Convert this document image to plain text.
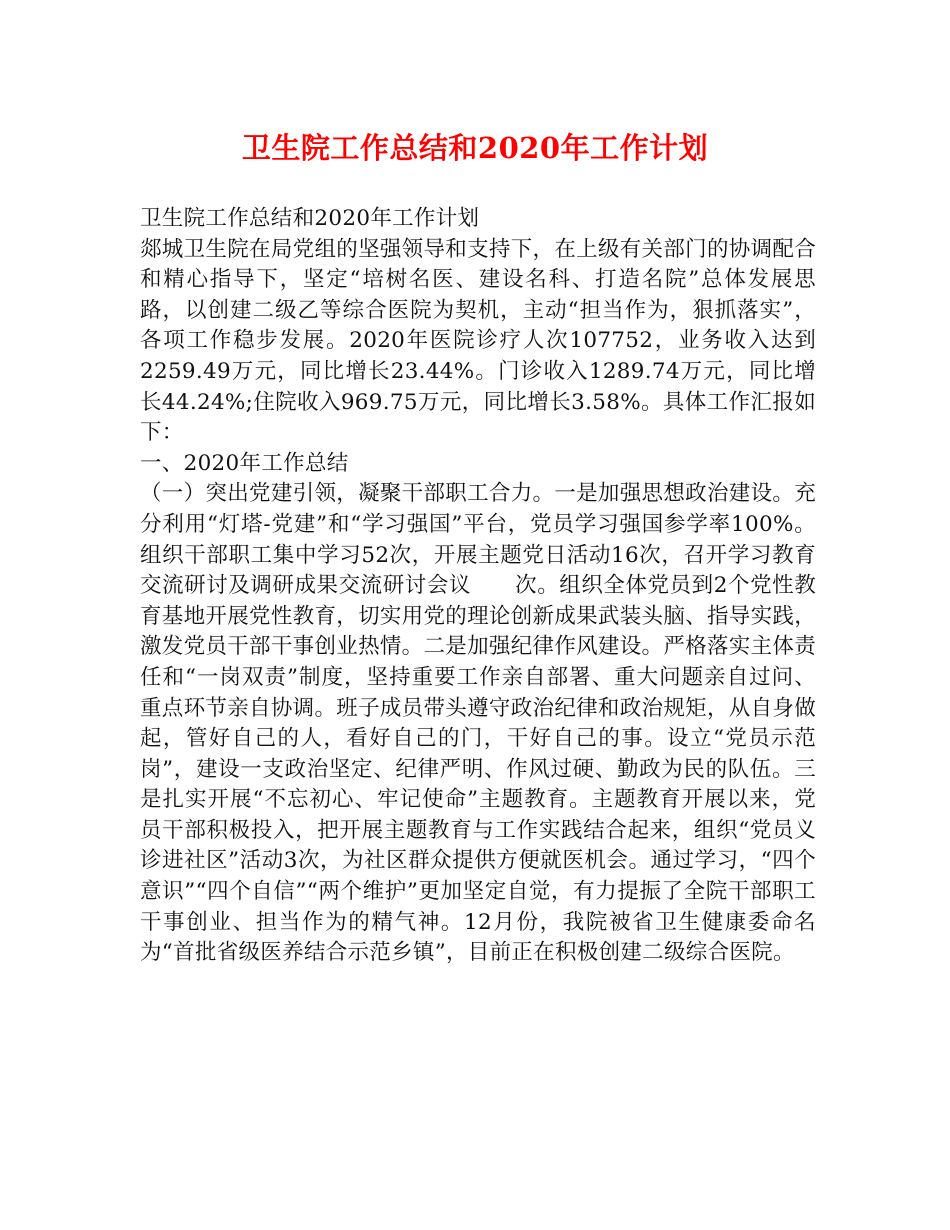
卫生院工作总结和2020年工作计划

卫生院工作总结和2020年工作计划

郯城卫生院在局党组的坚强领导和支持下，在上级有关部门的协调配合和精心指导下，坚定“培树名医、建设名科、打造名院”总体发展思路，以创建二级乙等综合医院为契机，主动“担当作为，狠抓落实”，各项工作稳步发展。2020年医院诊疗人次107752，业务收入达到2259.49万元，同比增长23.44%。门诊收入1289.74万元，同比增长44.24%;住院收入969.75万元，同比增长3.58%。具体工作汇报如下：

一、2020年工作总结

（一）突出党建引领，凝聚干部职工合力。一是加强思想政治建设。充分利用“灯塔-党建”和“学习强国”平台，党员学习强国参学率100%。组织干部职工集中学习52次，开展主题党日活动16次，召开学习教育交流研讨及调研成果交流研讨会议　　次。组织全体党员到2个党性教育基地开展党性教育，切实用党的理论创新成果武装头脑、指导实践，激发党员干部干事创业热情。二是加强纪律作风建设。严格落实主体责任和“一岗双责”制度，坚持重要工作亲自部署、重大问题亲自过问、重点环节亲自协调。班子成员带头遵守政治纪律和政治规矩，从自身做起，管好自己的人，看好自己的门，干好自己的事。设立“党员示范岗”，建设一支政治坚定、纪律严明、作风过硬、勤政为民的队伍。三是扎实开展“不忘初心、牢记使命”主题教育。主题教育开展以来，党员干部积极投入，把开展主题教育与工作实践结合起来，组织“党员义诊进社区”活动3次，为社区群众提供方便就医机会。通过学习，“四个意识”“四个自信”“两个维护”更加坚定自觉，有力提振了全院干部职工干事创业、担当作为的精气神。12月份，我院被省卫生健康委命名为“首批省级医养结合示范乡镇”，目前正在积极创建二级综合医院。
